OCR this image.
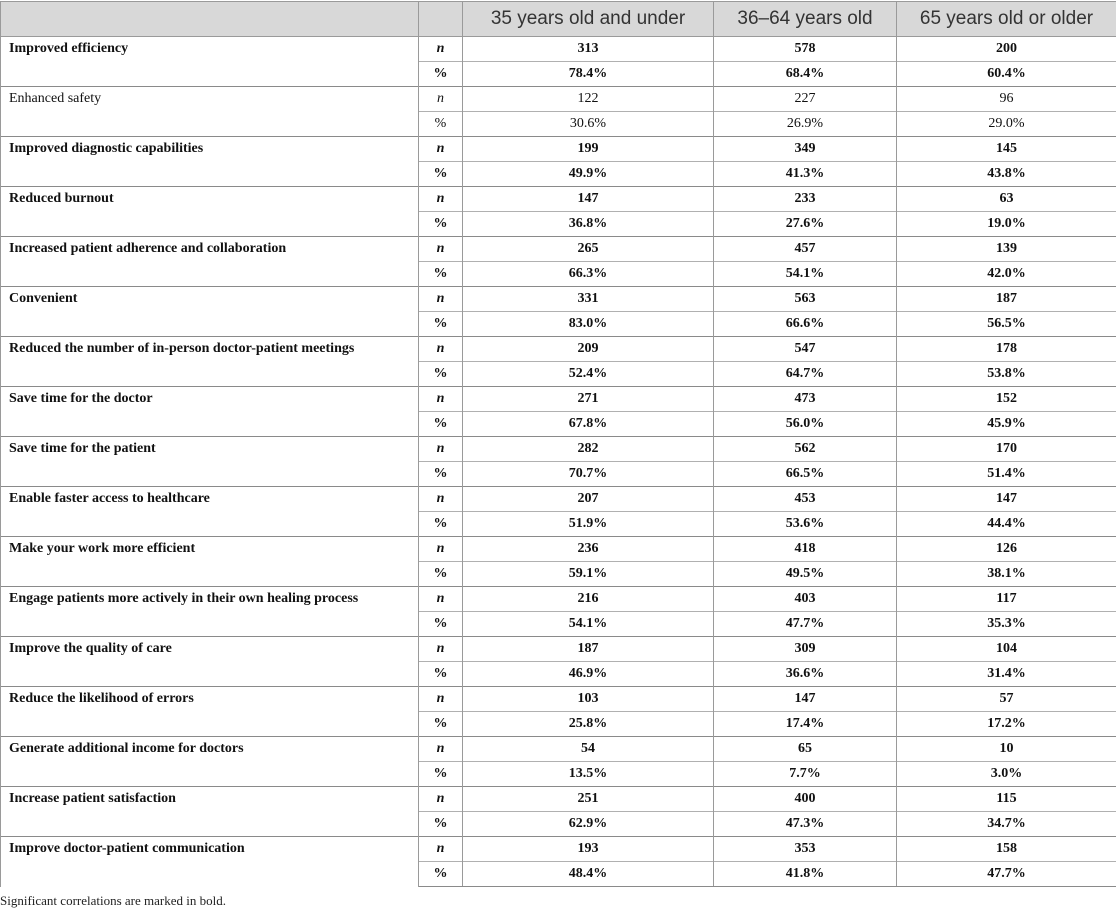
		35 years old and under	36–64 years old	65 years old or older
Improved efficiency	n	313	578	200
	%	78.4%	68.4%	60.4%
Enhanced safety	n	122	227	96
	%	30.6%	26.9%	29.0%
Improved diagnostic capabilities	n	199	349	145
	%	49.9%	41.3%	43.8%
Reduced burnout	n	147	233	63
	%	36.8%	27.6%	19.0%
Increased patient adherence and collaboration	n	265	457	139
	%	66.3%	54.1%	42.0%
Convenient	n	331	563	187
	%	83.0%	66.6%	56.5%
Reduced the number of in-person doctor-patient meetings	n	209	547	178
	%	52.4%	64.7%	53.8%
Save time for the doctor	n	271	473	152
	%	67.8%	56.0%	45.9%
Save time for the patient	n	282	562	170
	%	70.7%	66.5%	51.4%
Enable faster access to healthcare	n	207	453	147
	%	51.9%	53.6%	44.4%
Make your work more efficient	n	236	418	126
	%	59.1%	49.5%	38.1%
Engage patients more actively in their own healing process	n	216	403	117
	%	54.1%	47.7%	35.3%
Improve the quality of care	n	187	309	104
	%	46.9%	36.6%	31.4%
Reduce the likelihood of errors	n	103	147	57
	%	25.8%	17.4%	17.2%
Generate additional income for doctors	n	54	65	10
	%	13.5%	7.7%	3.0%
Increase patient satisfaction	n	251	400	115
	%	62.9%	47.3%	34.7%
Improve doctor-patient communication	n	193	353	158
	%	48.4%	41.8%	47.7%
Significant correlations are marked in bold.
